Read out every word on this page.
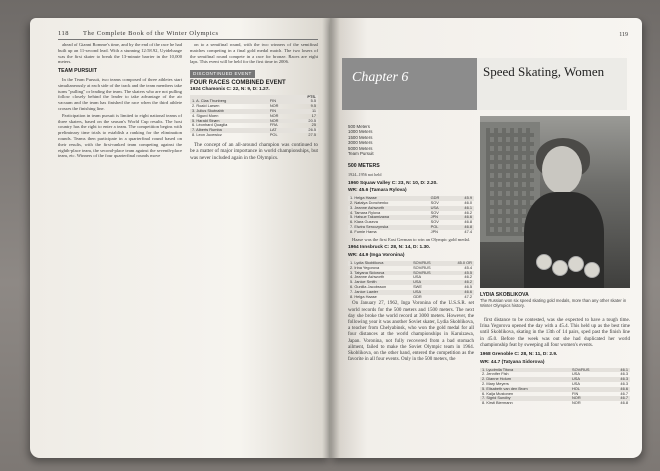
118 The Complete Book of the Winter Olympics

ahead of Gianni Romme's time, and by the end of the race he had built up an 11-second lead. With a stunning 12:58.92, Uytdehaage was the first skater to break the 13-minute barrier in the 10,000 meters.

TEAM PURSUIT

In the Team Pursuit, two teams composed of three athletes start simultaneously at each side of the track and the team members take turns "pulling" or leading the team. The skaters who are not pulling follow closely behind the leader to take advantage of the air vacuum and the team has finished the race when the third athlete crosses the finishing line.

Participation in team pursuit is limited to eight national teams of three skaters, based on the season's World Cup results. The host country has the right to enter a team. The competition begins with preliminary time trials to establish a ranking for the elimination rounds. Teams then participate in a quarterfinal round based on their results, with the first-ranked team competing against the eighth-place team, the second-place team against the seventh-place team, etc. Winners of the four quarterfinal rounds move

on to a semifinal round, with the two winners of the semifinal matches competing in a final gold medal match. The two losers of the semifinal round compete in a race for bronze. Races are eight laps. This event will be held for the first time in 2006.

DISCONTINUED EVENT
FOUR RACES COMBINED EVENT
1924 Chamonix C: 22, N: 9, D: 1.27.
		PTS.
1. A. Clas Thunberg	FIN	5.5
2. Roald Larsen	NOR	9.5
3. Julius Skutnabb	FIN	11
4. Sigurd Moen	NOR	17
5. Harald Strøm	NOR	20.5
6. Léonhard Quaglia	FRA	25
7. Alberts Rumba	LAT	26.5
8. Leon Jucewicz	POL	27.5

The concept of an all-around champion was continued to be a matter of major importance in world championships, but was never included again in the Olympics.

119
Chapter 6	Speed Skating, Women
500 Meters
1000 Meters
1500 Meters
3000 Meters
5000 Meters
Team Pursuit
500 METERS
1924–1956 not held
1960 Squaw Valley C: 23, N: 10, D: 2.20.
WR: 45.6 (Tamara Rylova)
1. Helga Haase	GDR	45.9
2. Natalya Donchenko	SOV	46.0
3. Jeanne Ashworth	USA	46.1
4. Tamara Rylova	SOV	46.2
5. Hatsue Takamizawa	JPN	46.6
6. Klara Guseva	SOV	46.8
7. Elwira Seroczynska	POL	46.8
8. Fumie Hama	JPN	47.4

Haase was the first East German to win an Olympic gold medal.

1964 Innsbruck C: 28, N: 14, D: 1.30.
WR: 44.9 (Inga Voronina)
1. Lydia Skoblikova	SOV/RUS	45.0 OR
2. Irina Yegorova	SOV/RUS	45.4
3. Tatyana Sidorova	SOV/RUS	45.5
4. Jeanne Ashworth	USA	46.2
5. Janice Smith	USA	46.2
6. Gunilla Jacobsson	SWE	46.5
7. Janice Lawler	USA	46.6
8. Helga Haase	GDR	47.2

On January 27, 1962, Inga Voronina of the U.S.S.R. set world records for the 500 meters and 1500 meters. The next day she broke the world record at 3000 meters. However, the following year it was another Soviet skater, Lydia Skoblikova, a teacher from Chelyabinsk, who won the gold medal for all four distances at the world championships in Karuizawa, Japan. Voronina, not fully recovered from a bad stomach ailment, failed to make the Soviet Olympic team in 1964. Skoblikova, on the other hand, entered the competition as the favorite in all four events. Only in the 500 meters, the

LYDIA SKOBLIKOVA
The Russian won six speed skating gold medals, more than any other skater in Winter Olympics history.

first distance to be contested, was she expected to have a tough time. Irina Yegorova opened the day with a 45.4. This held up as the best time until Skoblikova, skating in the 13th of 14 pairs, sped past the finish line in 45.0. Before the week was out she had duplicated her world championship feat by sweeping all four women's events.

1968 Grenoble C: 28, N: 11, D: 2.9.
WR: 44.7 (Tatyana Sidorova)
1. Lyudmila Titova	SOV/RUS	46.1
2. Jennifer Fish	USA	46.3
2. Dianne Holum	USA	46.3
2. Mary Meyers	USA	46.3
5. Elisabeth van den Brom	HOL	46.6
6. Kaija Mustonen	FIN	46.7
7. Sigrid Sundby	NOR	46.7
8. Kirsti Biermann	NOR	46.8
